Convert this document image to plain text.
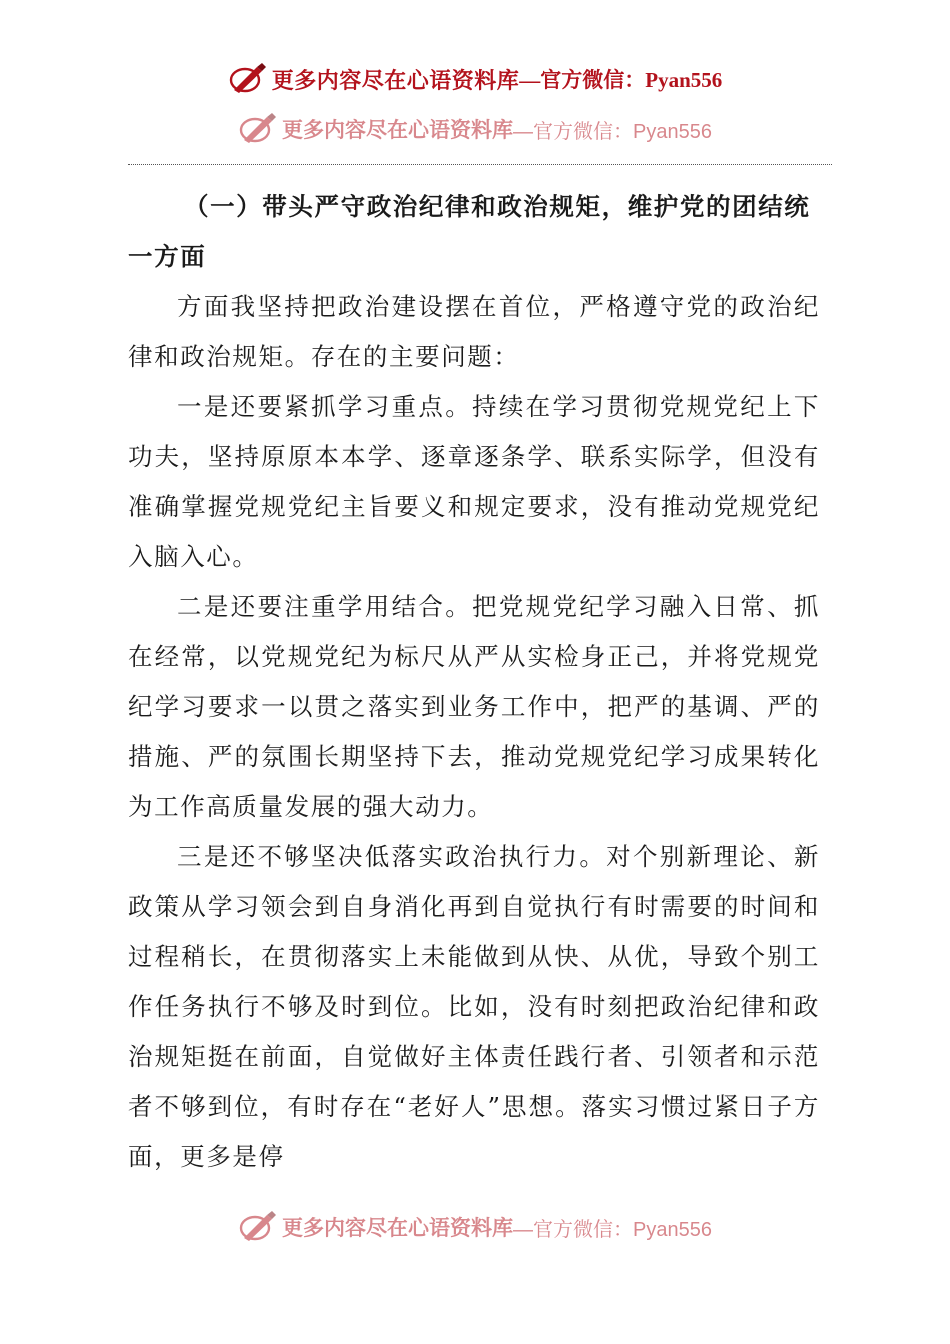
更多内容尽在心语资料库 —官方微信：Pyan556
更多内容尽在心语资料库 —官方微信：Pyan556

（一）带头严守政治纪律和政治规矩，维护党的团结统一方面

方面我坚持把政治建设摆在首位，严格遵守党的政治纪律和政治规矩。存在的主要问题：

一是还要紧抓学习重点。持续在学习贯彻党规党纪上下功夫，坚持原原本本学、逐章逐条学、联系实际学，但没有准确掌握党规党纪主旨要义和规定要求，没有推动党规党纪入脑入心。

二是还要注重学用结合。把党规党纪学习融入日常、抓在经常，以党规党纪为标尺从严从实检身正己，并将党规党纪学习要求一以贯之落实到业务工作中，把严的基调、严的措施、严的氛围长期坚持下去，推动党规党纪学习成果转化为工作高质量发展的强大动力。

三是还不够坚决低落实政治执行力。对个别新理论、新政策从学习领会到自身消化再到自觉执行有时需要的时间和过程稍长，在贯彻落实上未能做到从快、从优，导致个别工作任务执行不够及时到位。比如，没有时刻把政治纪律和政治规矩挺在前面，自觉做好主体责任践行者、引领者和示范者不够到位，有时存在“老好人”思想。落实习惯过紧日子方面，更多是停

更多内容尽在心语资料库 —官方微信：Pyan556
